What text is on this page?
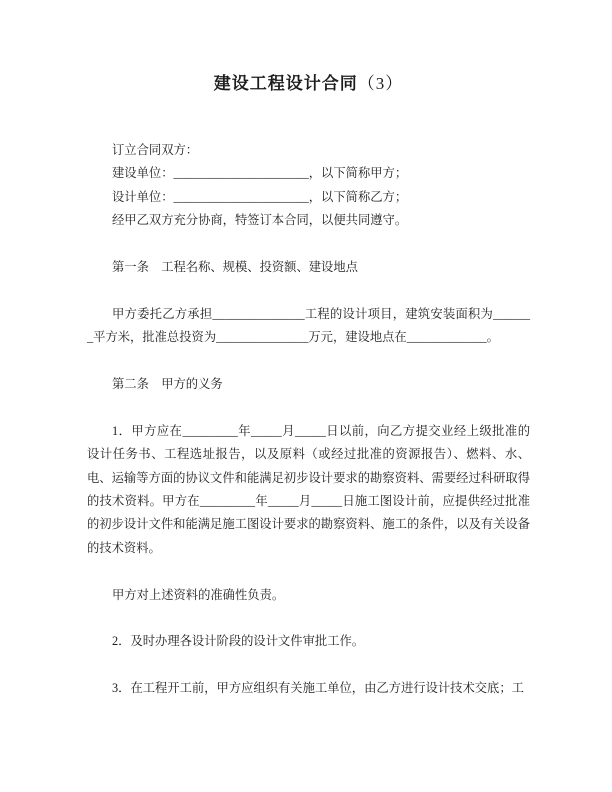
建设工程设计合同（3）

订立合同双方：

建设单位：______________________，以下简称甲方；

设计单位：______________________，以下简称乙方；

经甲乙双方充分协商，特签订本合同，以便共同遵守。

第一条　工程名称、规模、投资额、建设地点

甲方委托乙方承担_______________工程的设计项目，建筑安装面积为_______平方米，批准总投资为_______________万元，建设地点在_____________。

第二条　甲方的义务

1．甲方应在_________年_____月_____日以前，向乙方提交业经上级批准的设计任务书、工程选址报告，以及原料（或经过批准的资源报告）、燃料、水、电、运输等方面的协议文件和能满足初步设计要求的勘察资料、需要经过科研取得的技术资料。甲方在_________年_____月_____日施工图设计前，应提供经过批准的初步设计文件和能满足施工图设计要求的勘察资料、施工的条件，以及有关设备的技术资料。

甲方对上述资料的准确性负责。

2．及时办理各设计阶段的设计文件审批工作。

3．在工程开工前，甲方应组织有关施工单位，由乙方进行设计技术交底；工
